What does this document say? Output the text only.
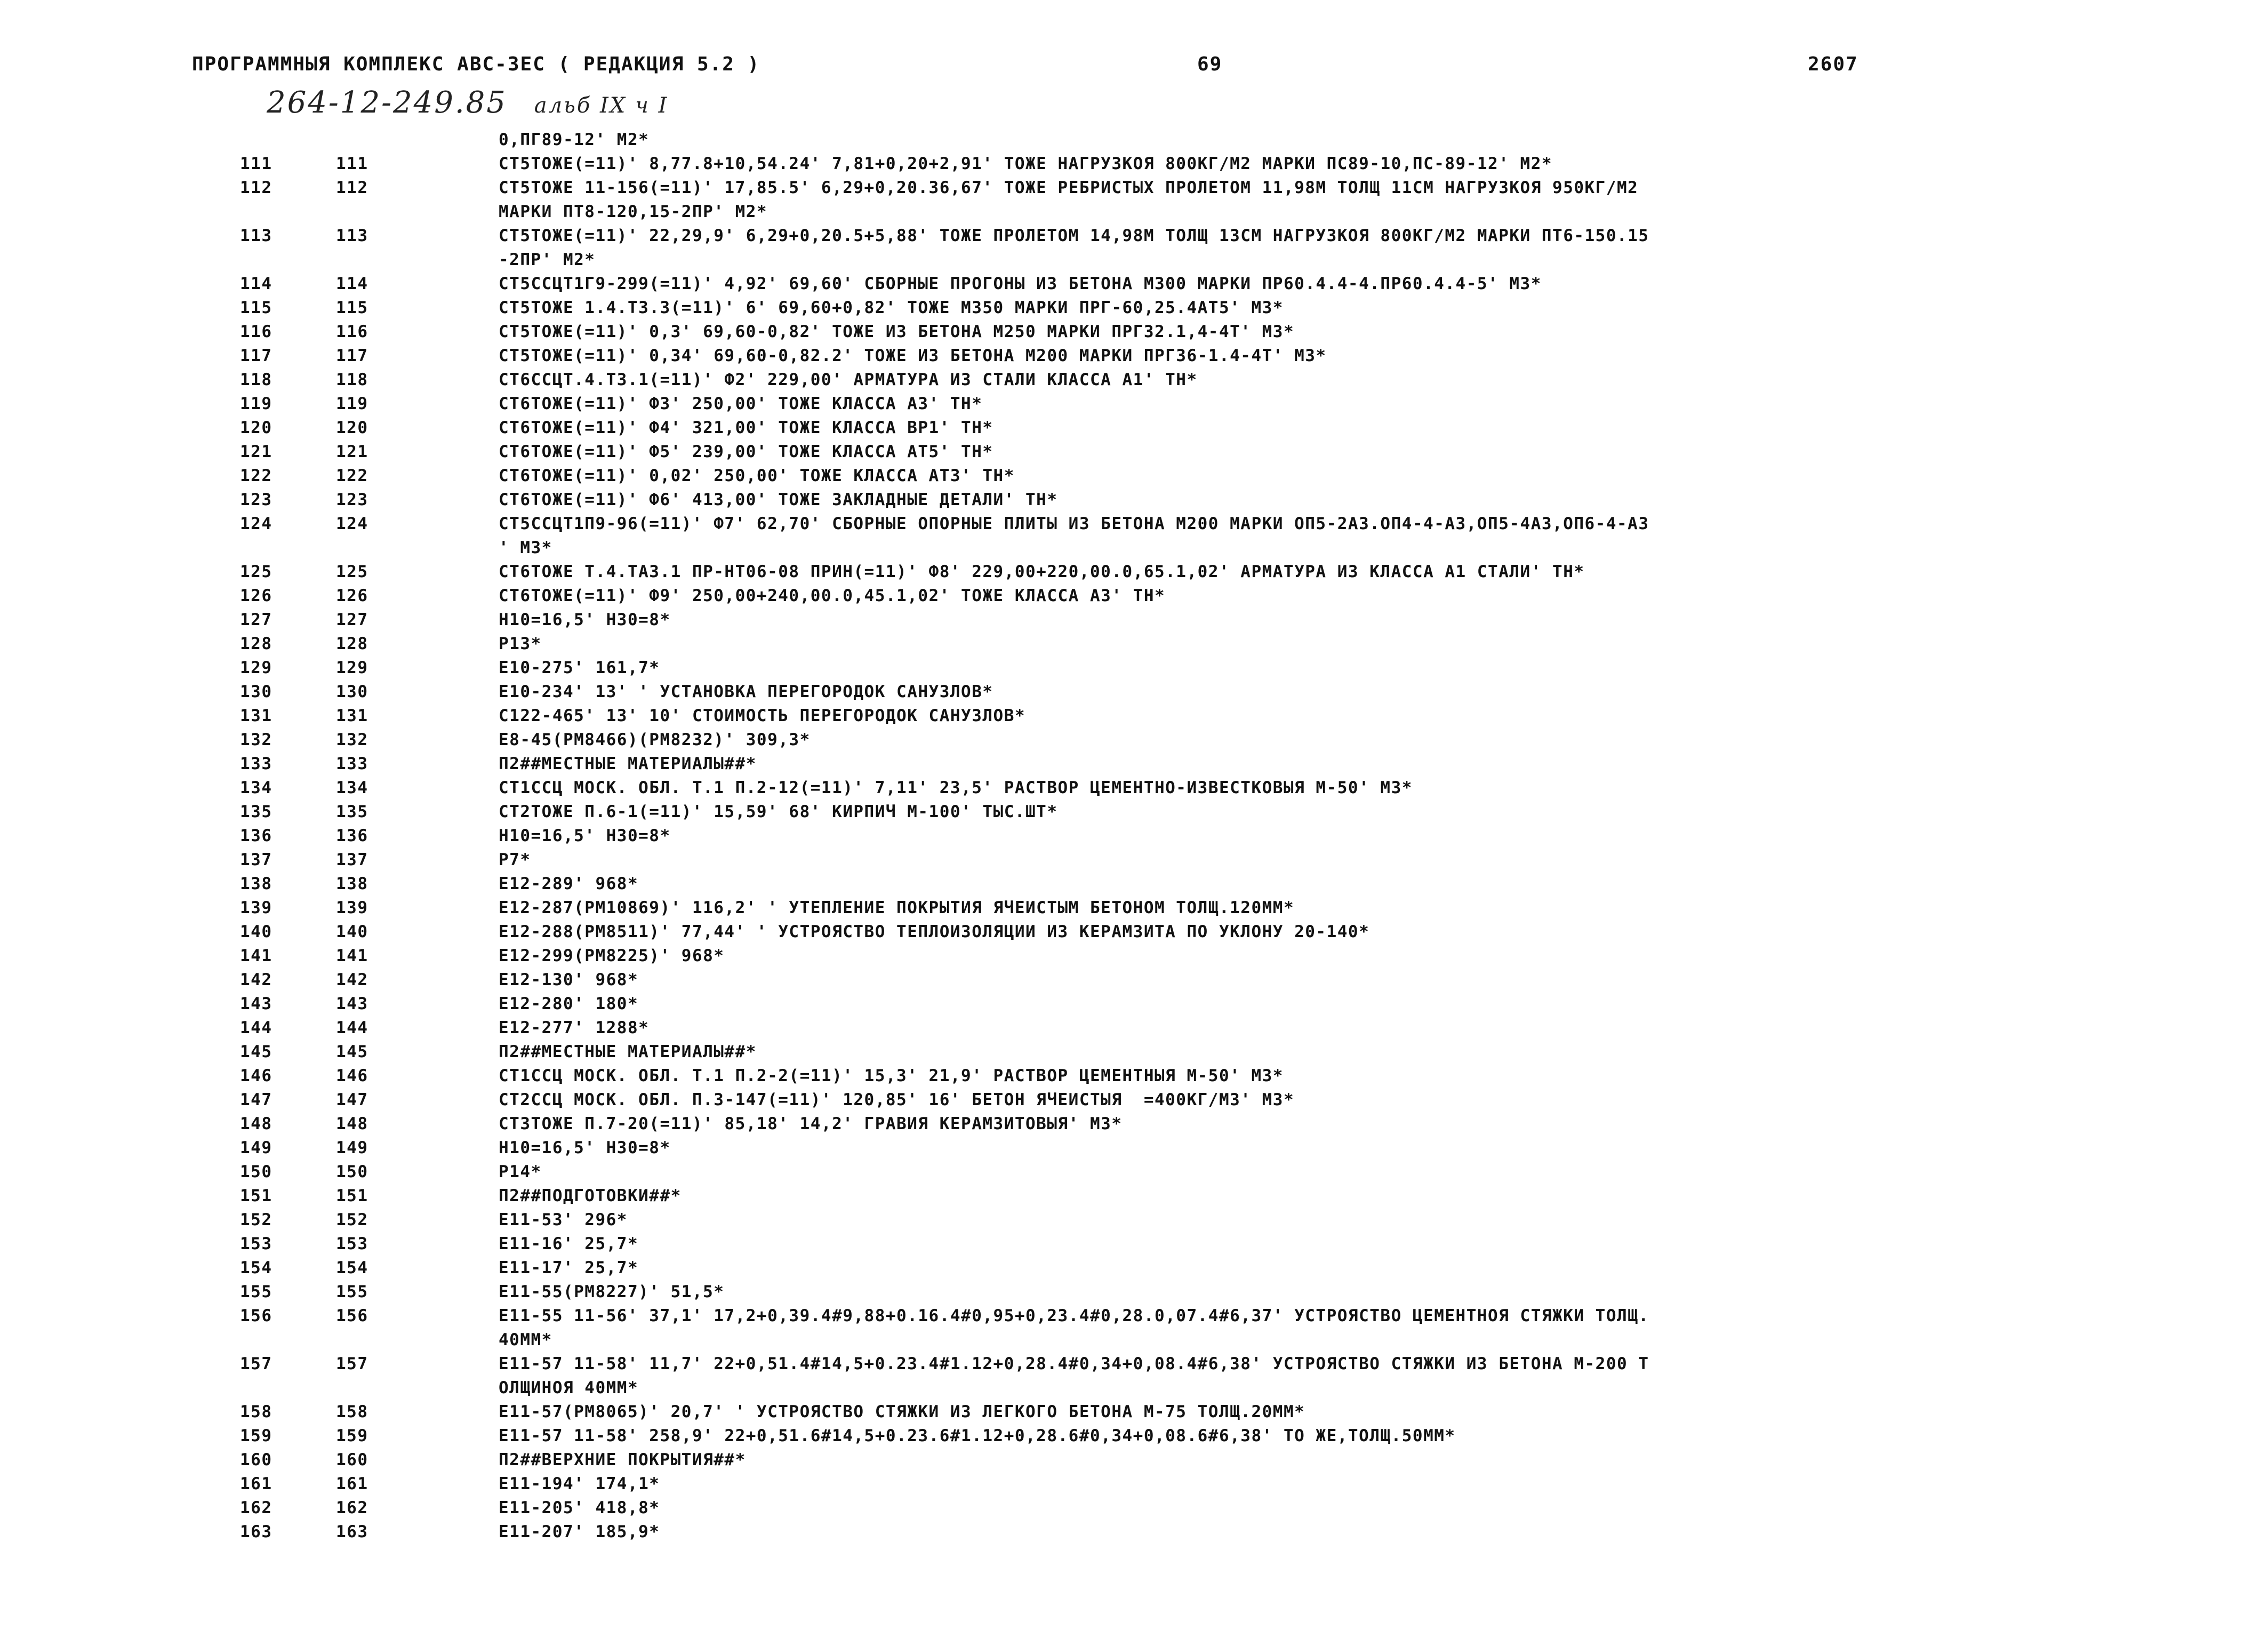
ПРОГРАММНЫЯ КОМПЛЕКС АВС-ЗЕС ( РЕДАКЦИЯ 5.2 )	69	2607
264-12-249.85 альб IX ч I
0,ПГ89-12' М2*
111	111	CT5TOЖE(=11)' 8,77.8+10,54.24' 7,81+0,20+2,91' ТОЖЕ НАГРУЗКОЯ 800КГ/М2 МАРКИ ПС89-10,ПС-89-12' М2*
112	112	CT5TOЖE 11-156(=11)' 17,85.5' 6,29+0,20.36,67' ТОЖЕ РЕБРИСТЫХ ПРОЛЕТОМ 11,98М ТОЛЩ 11СМ НАГРУЗКОЯ 950КГ/М2
МАРКИ ПТ8-120,15-2ПР' М2*
113	113	CT5TOЖE(=11)' 22,29,9' 6,29+0,20.5+5,88' ТОЖЕ ПРОЛЕТОМ 14,98М ТОЛЩ 13СМ НАГРУЗКОЯ 800КГ/М2 МАРКИ ПТ6-150.15
-2ПР' М2*
114	114	CT5CCЦT1Г9-299(=11)' 4,92' 69,60' СБОРНЫЕ ПРОГОНЫ ИЗ БЕТОНА М300 МАРКИ ПР60.4.4-4.ПР60.4.4-5' М3*
115	115	CT5TOЖE 1.4.T3.3(=11)' 6' 69,60+0,82' ТОЖЕ М350 МАРКИ ПРГ-60,25.4АТ5' М3*
116	116	CT5TOЖE(=11)' 0,3' 69,60-0,82' ТОЖЕ ИЗ БЕТОНА М250 МАРКИ ПРГ32.1,4-4Т' М3*
117	117	CT5TOЖE(=11)' 0,34' 69,60-0,82.2' ТОЖЕ ИЗ БЕТОНА М200 МАРКИ ПРГ36-1.4-4Т' М3*
118	118	CT6CCЦT.4.Т3.1(=11)' Ф2' 229,00' АРМАТУРА ИЗ СТАЛИ КЛАССА А1' ТН*
119	119	CT6TOЖE(=11)' Ф3' 250,00' ТОЖЕ КЛАССА А3' ТН*
120	120	CT6TOЖE(=11)' Ф4' 321,00' ТОЖЕ КЛАССА ВР1' ТН*
121	121	CT6TOЖE(=11)' Ф5' 239,00' ТОЖЕ КЛАССА АТ5' ТН*
122	122	CT6TOЖE(=11)' 0,02' 250,00' ТОЖЕ КЛАССА АТ3' ТН*
123	123	CT6TOЖE(=11)' Ф6' 413,00' ТОЖЕ ЗАКЛАДНЫЕ ДЕТАЛИ' ТН*
124	124	CT5CCЦT1П9-96(=11)' Ф7' 62,70' СБОРНЫЕ ОПОРНЫЕ ПЛИТЫ ИЗ БЕТОНА М200 МАРКИ ОП5-2А3.ОП4-4-А3,ОП5-4А3,ОП6-4-А3
' М3*
125	125	CT6TOЖE T.4.TA3.1 ПР-НТ06-08 ПРИН(=11)' Ф8' 229,00+220,00.0,65.1,02' АРМАТУРА ИЗ КЛАССА А1 СТАЛИ' ТН*
126	126	CT6TOЖE(=11)' Ф9' 250,00+240,00.0,45.1,02' ТОЖЕ КЛАССА А3' ТН*
127	127	Н10=16,5' Н30=8*
128	128	Р13*
129	129	Е10-275' 161,7*
130	130	Е10-234' 13' ' УСТАНОВКА ПЕРЕГОРОДОК САНУЗЛОВ*
131	131	С122-465' 13' 10' СТОИМОСТЬ ПЕРЕГОРОДОК САНУЗЛОВ*
132	132	Е8-45(РМ8466)(РМ8232)' 309,3*
133	133	П2##МЕСТНЫЕ МАТЕРИАЛЫ##*
134	134	CT1CCЦ МОСК. ОБЛ. Т.1 П.2-12(=11)' 7,11' 23,5' РАСТВОР ЦЕМЕНТНО-ИЗВЕСТКОВЫЯ М-50' М3*
135	135	CT2TOЖE П.6-1(=11)' 15,59' 68' КИРПИЧ М-100' ТЫС.ШТ*
136	136	Н10=16,5' Н30=8*
137	137	Р7*
138	138	Е12-289' 968*
139	139	Е12-287(РМ10869)' 116,2' ' УТЕПЛЕНИЕ ПОКРЫТИЯ ЯЧЕИСТЫМ БЕТОНОМ ТОЛЩ.120ММ*
140	140	Е12-288(РМ8511)' 77,44' ' УСТРОЯСТВО ТЕПЛОИЗОЛЯЦИИ ИЗ КЕРАМЗИТА ПО УКЛОНУ 20-140*
141	141	Е12-299(РМ8225)' 968*
142	142	Е12-130' 968*
143	143	Е12-280' 180*
144	144	Е12-277' 1288*
145	145	П2##МЕСТНЫЕ МАТЕРИАЛЫ##*
146	146	CT1CCЦ МОСК. ОБЛ. Т.1 П.2-2(=11)' 15,3' 21,9' РАСТВОР ЦЕМЕНТНЫЯ М-50' М3*
147	147	CT2CCЦ МОСК. ОБЛ. П.3-147(=11)' 120,85' 16' БЕТОН ЯЧЕИСТЫЯ  =400КГ/М3' М3*
148	148	CT3TOЖE П.7-20(=11)' 85,18' 14,2' ГРАВИЯ КЕРАМЗИТОВЫЯ' М3*
149	149	Н10=16,5' Н30=8*
150	150	Р14*
151	151	П2##ПОДГОТОВКИ##*
152	152	Е11-53' 296*
153	153	Е11-16' 25,7*
154	154	Е11-17' 25,7*
155	155	Е11-55(РМ8227)' 51,5*
156	156	Е11-55 11-56' 37,1' 17,2+0,39.4#9,88+0.16.4#0,95+0,23.4#0,28.0,07.4#6,37' УСТРОЯСТВО ЦЕМЕНТНОЯ СТЯЖКИ ТОЛЩ.
40ММ*
157	157	Е11-57 11-58' 11,7' 22+0,51.4#14,5+0.23.4#1.12+0,28.4#0,34+0,08.4#6,38' УСТРОЯСТВО СТЯЖКИ ИЗ БЕТОНА М-200 Т
ОЛЩИНОЯ 40ММ*
158	158	Е11-57(РМ8065)' 20,7' ' УСТРОЯСТВО СТЯЖКИ ИЗ ЛЕГКОГО БЕТОНА М-75 ТОЛЩ.20ММ*
159	159	Е11-57 11-58' 258,9' 22+0,51.6#14,5+0.23.6#1.12+0,28.6#0,34+0,08.6#6,38' ТО ЖЕ,ТОЛЩ.50ММ*
160	160	П2##ВЕРХНИЕ ПОКРЫТИЯ##*
161	161	Е11-194' 174,1*
162	162	Е11-205' 418,8*
163	163	Е11-207' 185,9*
